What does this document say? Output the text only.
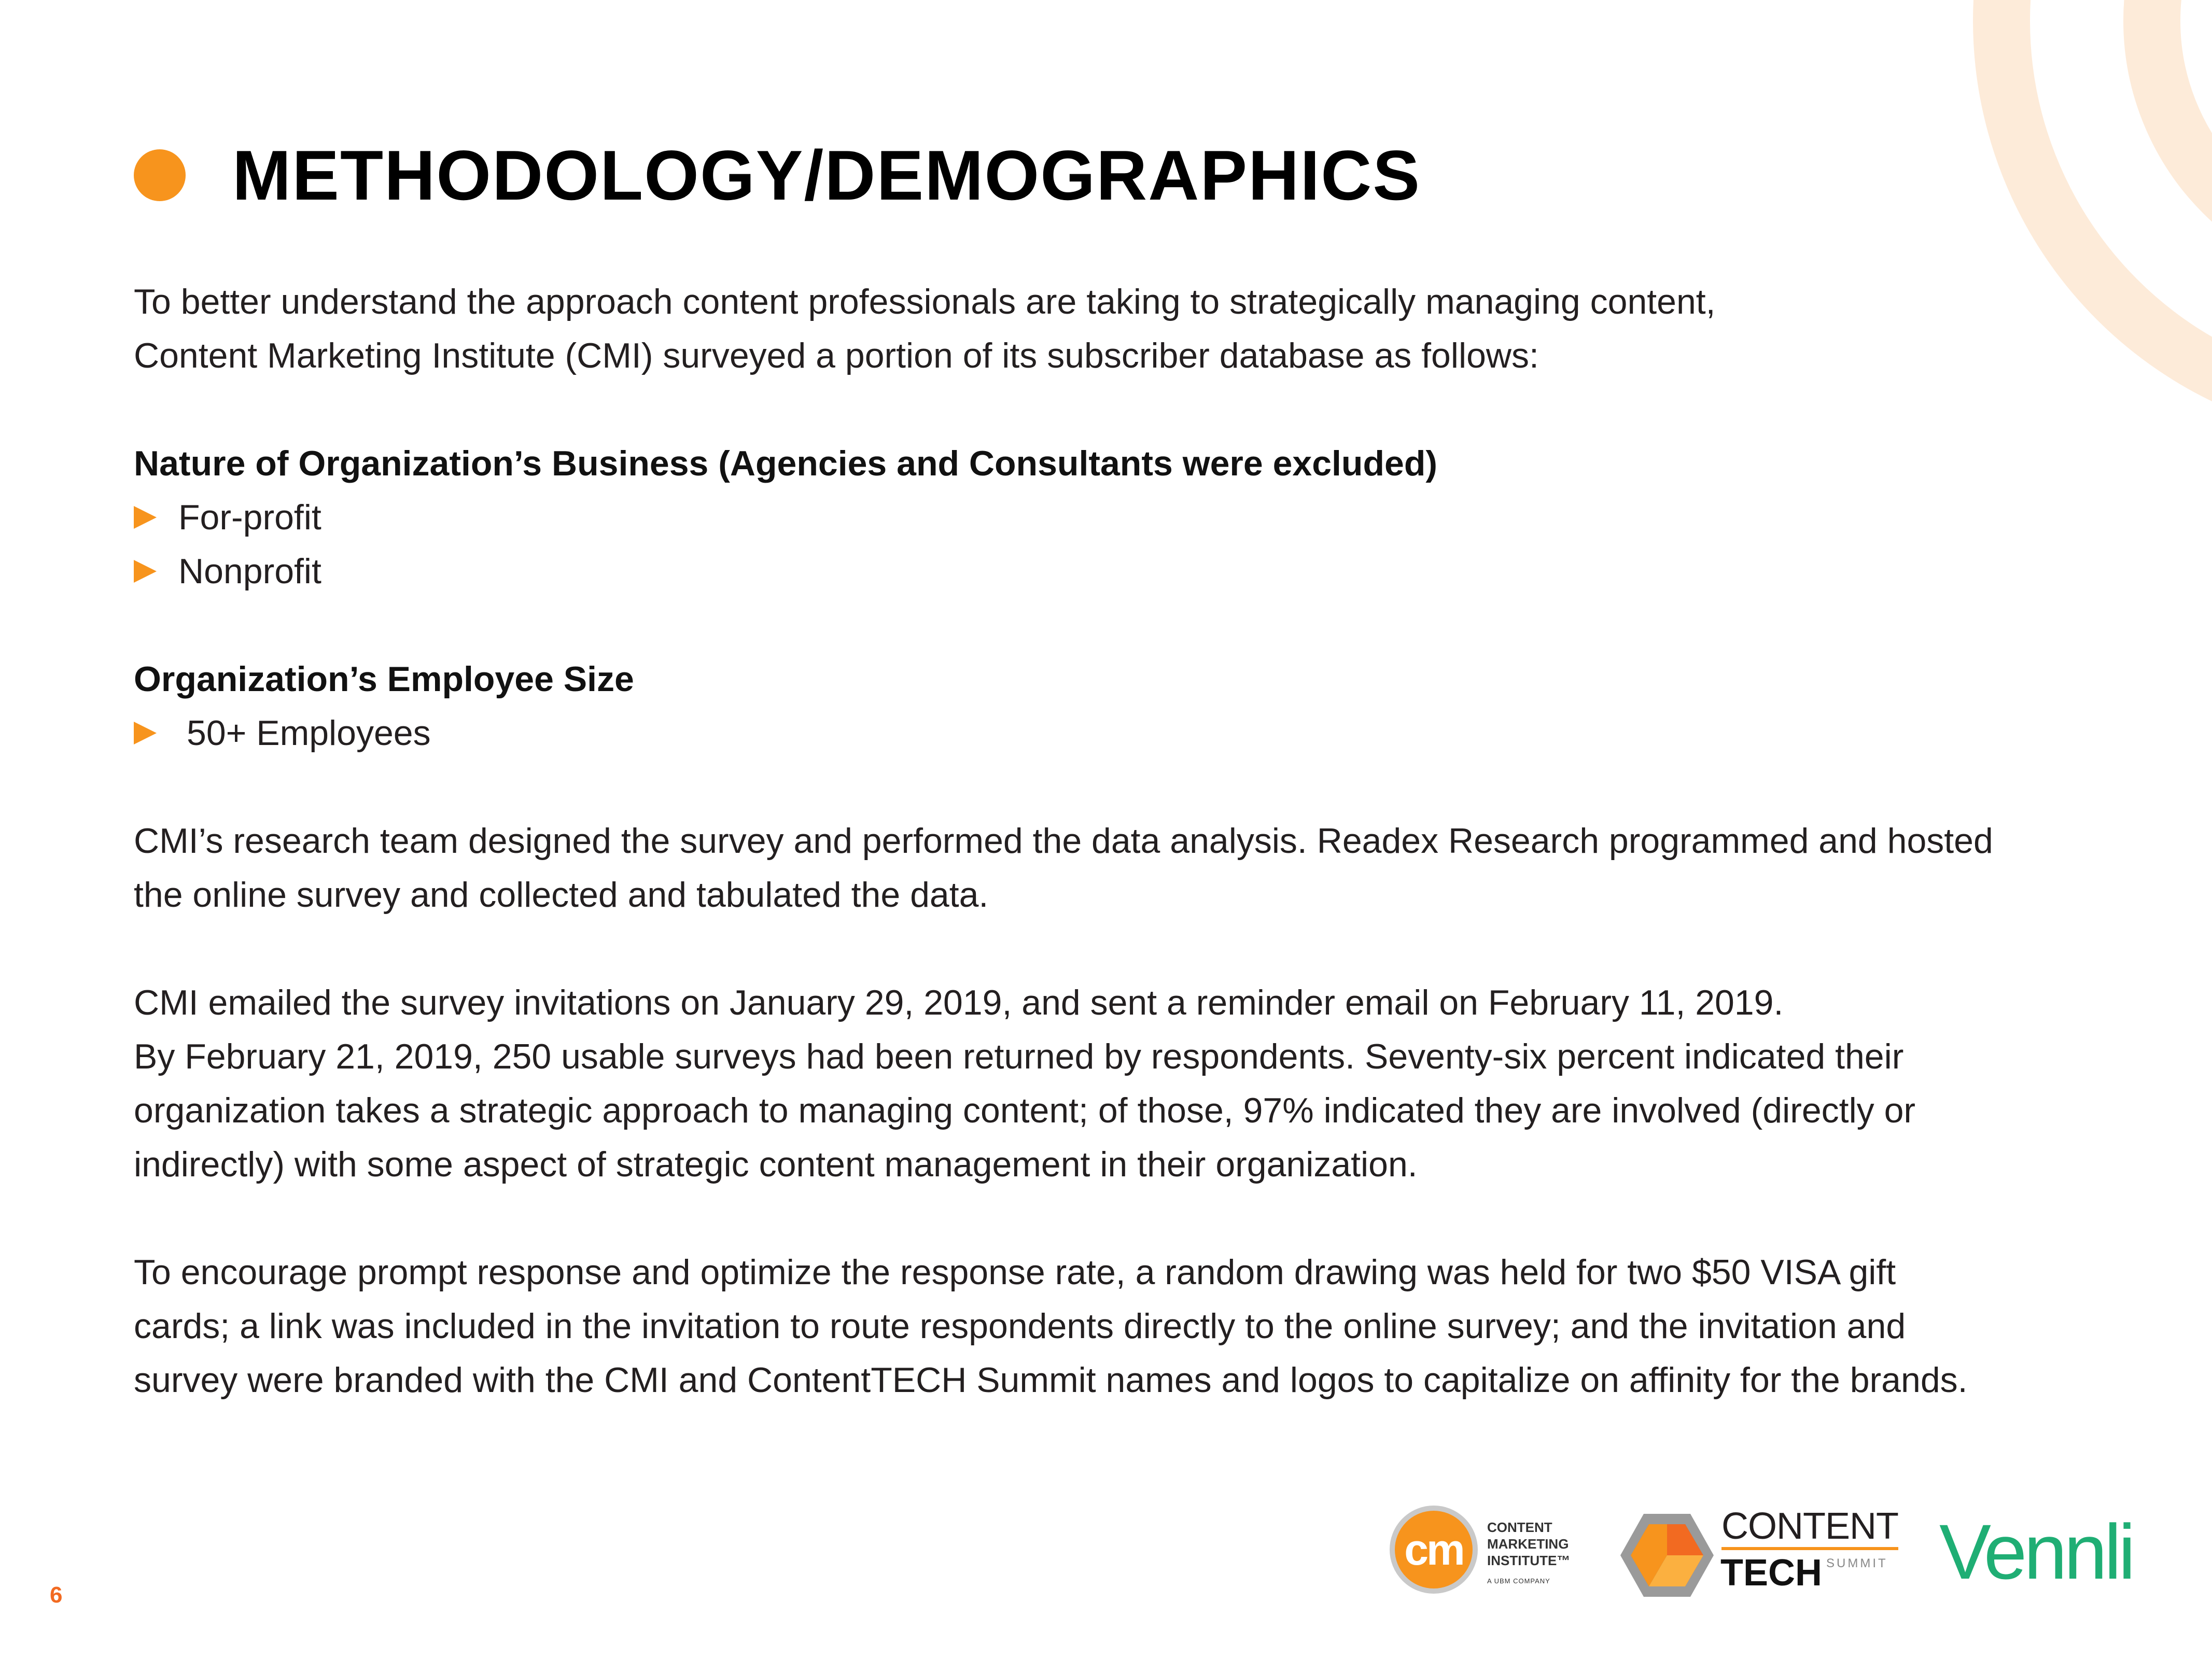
METHODOLOGY/DEMOGRAPHICS

To better understand the approach content professionals are taking to strategically managing content,

Content Marketing Institute (CMI) surveyed a portion of its subscriber database as follows:

Nature of Organization’s Business (Agencies and Consultants were excluded)

For-profit
Nonprofit

Organization’s Employee Size

50+ Employees

CMI’s research team designed the survey and performed the data analysis. Readex Research programmed and hosted

the online survey and collected and tabulated the data.

CMI emailed the survey invitations on January 29, 2019, and sent a reminder email on February 11, 2019.

By February 21, 2019, 250 usable surveys had been returned by respondents. Seventy-six percent indicated their

organization takes a strategic approach to managing content; of those, 97% indicated they are involved (directly or

indirectly) with some aspect of strategic content management in their organization.

To encourage prompt response and optimize the response rate, a random drawing was held for two $50 VISA gift

cards; a link was included in the invitation to route respondents directly to the online survey; and the invitation and

survey were branded with the CMI and ContentTECH Summit names and logos to capitalize on affinity for the brands.

6
cm CONTENT
MARKETING
INSTITUTE™
A UBM COMPANY
CONTENT
TECH SUMMIT Vennli
